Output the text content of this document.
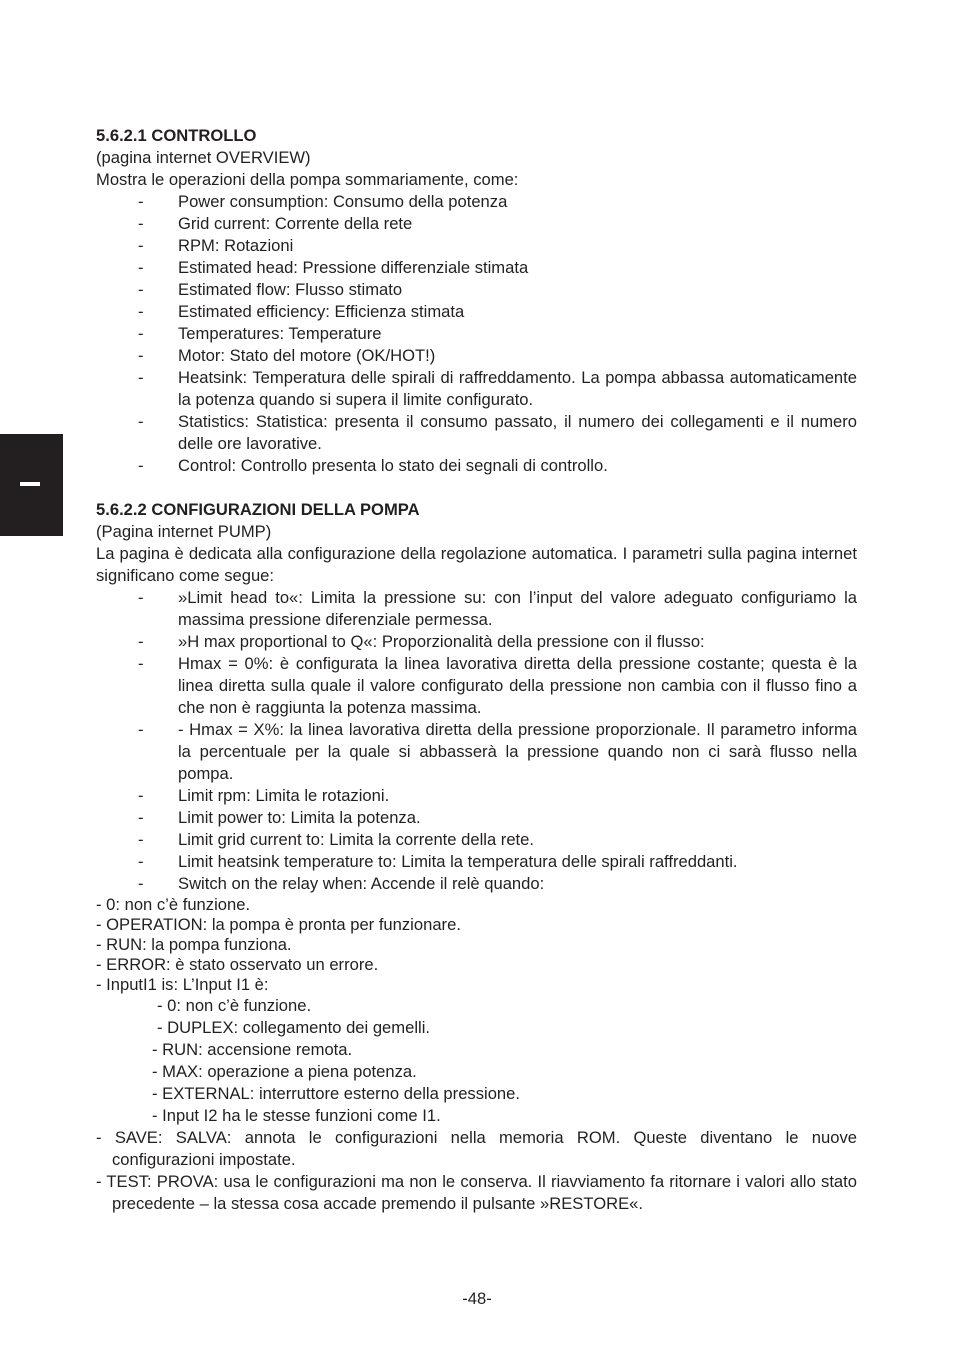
5.6.2.1 CONTROLLO

(pagina internet OVERVIEW)

Mostra le operazioni della pompa sommariamente, come:

- Power consumption: Consumo della potenza
- Grid current: Corrente della rete
- RPM: Rotazioni
- Estimated head: Pressione differenziale stimata
- Estimated flow: Flusso stimato
- Estimated efficiency: Efficienza stimata
- Temperatures: Temperature
- Motor: Stato del motore (OK/HOT!)
- Heatsink: Temperatura delle spirali di raffreddamento. La pompa abbassa automaticamente la potenza quando si supera il limite configurato.
- Statistics: Statistica: presenta il consumo passato, il numero dei collegamenti e il numero delle ore lavorative.
- Control: Controllo presenta lo stato dei segnali di controllo.

5.6.2.2 CONFIGURAZIONI DELLA POMPA

(Pagina internet PUMP)

La pagina è dedicata alla configurazione della regolazione automatica. I parametri sulla pagina internet significano come segue:

- »Limit head to«: Limita la pressione su: con l’input del valore adeguato configuriamo la massima pressione diferenziale permessa.
- »H max proportional to Q«: Proporzionalità della pressione con il flusso:
- Hmax = 0%: è configurata la linea lavorativa diretta della pressione costante; questa è la linea diretta sulla quale il valore configurato della pressione non cambia con il flusso fino a che non è raggiunta la potenza massima.
- - Hmax = X%: la linea lavorativa diretta della pressione proporzionale. Il parametro informa la percentuale per la quale si abbasserà la pressione quando non ci sarà flusso nella pompa.
- Limit rpm: Limita le rotazioni.
- Limit power to: Limita la potenza.
- Limit grid current to: Limita la corrente della rete.
- Limit heatsink temperature to: Limita la temperatura delle spirali raffreddanti.
- Switch on the relay when: Accende il relè quando:

- 0: non c’è funzione.

- OPERATION: la pompa è pronta per funzionare.

- RUN: la pompa funziona.

- ERROR: è stato osservato un errore.

- InputI1 is: L’Input I1 è:

- 0: non c’è funzione.

- DUPLEX: collegamento dei gemelli.

- RUN: accensione remota.

- MAX: operazione a piena potenza.

- EXTERNAL: interruttore esterno della pressione.

- Input I2 ha le stesse funzioni come I1.

- SAVE: SALVA: annota le configurazioni nella memoria ROM. Queste diventano le nuove configurazioni impostate.

- TEST: PROVA: usa le configurazioni ma non le conserva. Il riavviamento fa ritornare i valori allo stato precedente – la stessa cosa accade premendo il pulsante »RESTORE«.

-48-
